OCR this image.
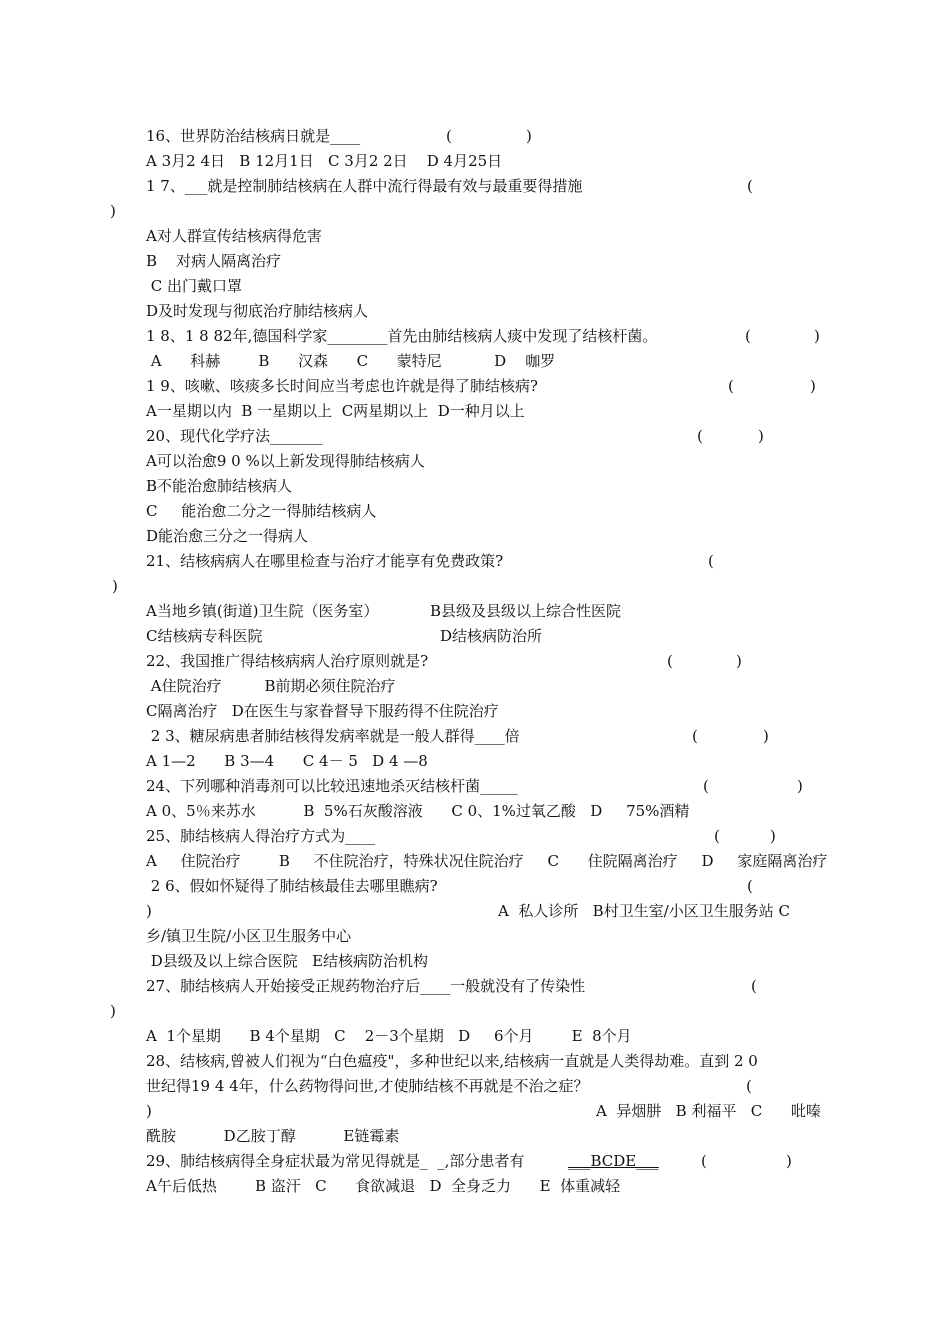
16、世界防治结核病日就是____

	(

	)

A 3月2 4日   B 12月1日   C 3月2 2日    D 4月25日

1 7、___就是控制肺结核病在人群中流行得最有效与最重要得措施

	(

)

A对人群宣传结核病得危害

B    对病人隔离治疗

C 出门戴口罩

D及时发现与彻底治疗肺结核病人

1 8、1 8 82年,德国科学家________首先由肺结核病人痰中发现了结核杆菌。

	(

	)

A      科赫        B      汉森      C      蒙特尼           D    咖罗

1 9、咳嗽、咳痰多长时间应当考虑也许就是得了肺结核病?

	(

	)

A一星期以内  B 一星期以上  C两星期以上  D一种月以上

20、现代化学疗法_______

	(

	)

A可以治愈9 0 %以上新发现得肺结核病人

B不能治愈肺结核病人

C     能治愈二分之一得肺结核病人

D能治愈三分之一得病人

21、结核病病人在哪里检查与治疗才能享有免费政策?

	(

)

A当地乡镇(街道)卫生院（医务室）

	B县级及县级以上综合性医院

C结核病专科医院

	D结核病防治所

22、我国推广得结核病病人治疗原则就是?

	(

	)

A住院治疗         B前期必须住院治疗

C隔离治疗   D在医生与家眷督导下服药得不住院治疗

2 3、糖尿病患者肺结核得发病率就是一般人群得____倍

	(

	)

A 1—2      B 3—4      C 4－ 5   D 4 —8

24、下列哪种消毒剂可以比较迅速地杀灭结核杆菌_____

	(

	)

A 0、5％来苏水          B  5%石灰酸溶液      C 0、1%过氧乙酸   D     75%酒精

25、肺结核病人得治疗方式为____

	(

	)

A     住院治疗        B     不住院治疗，特殊状况住院治疗     C      住院隔离治疗     D     家庭隔离治疗

2 6、假如怀疑得了肺结核最佳去哪里瞧病?

	(

)

	A  私人诊所   B村卫生室/小区卫生服务站 C

乡/镇卫生院/小区卫生服务中心

D县级及以上综合医院   E结核病防治机构

27、肺结核病人开始接受正规药物治疗后____一般就没有了传染性

	(

)

A  1个星期      B 4个星期   C    2－3个星期   D     6个月        E  8个月

28、结核病,曾被人们视为“白色瘟疫"，多种世纪以来,结核病一直就是人类得劫难。直到 2 0

世纪得19 4 4年，什么药物得问世,才使肺结核不再就是不治之症？

	(

)

	A  异烟肼   B 利福平   C      吡嗪

酰胺          D乙胺丁醇          E链霉素

29、肺结核病得全身症状最为常见得就是_  _,部分患者有

	___BCDE___

	(

	)

A午后低热        B 盗汗   C      食欲减退   D  全身乏力      E  体重减轻
